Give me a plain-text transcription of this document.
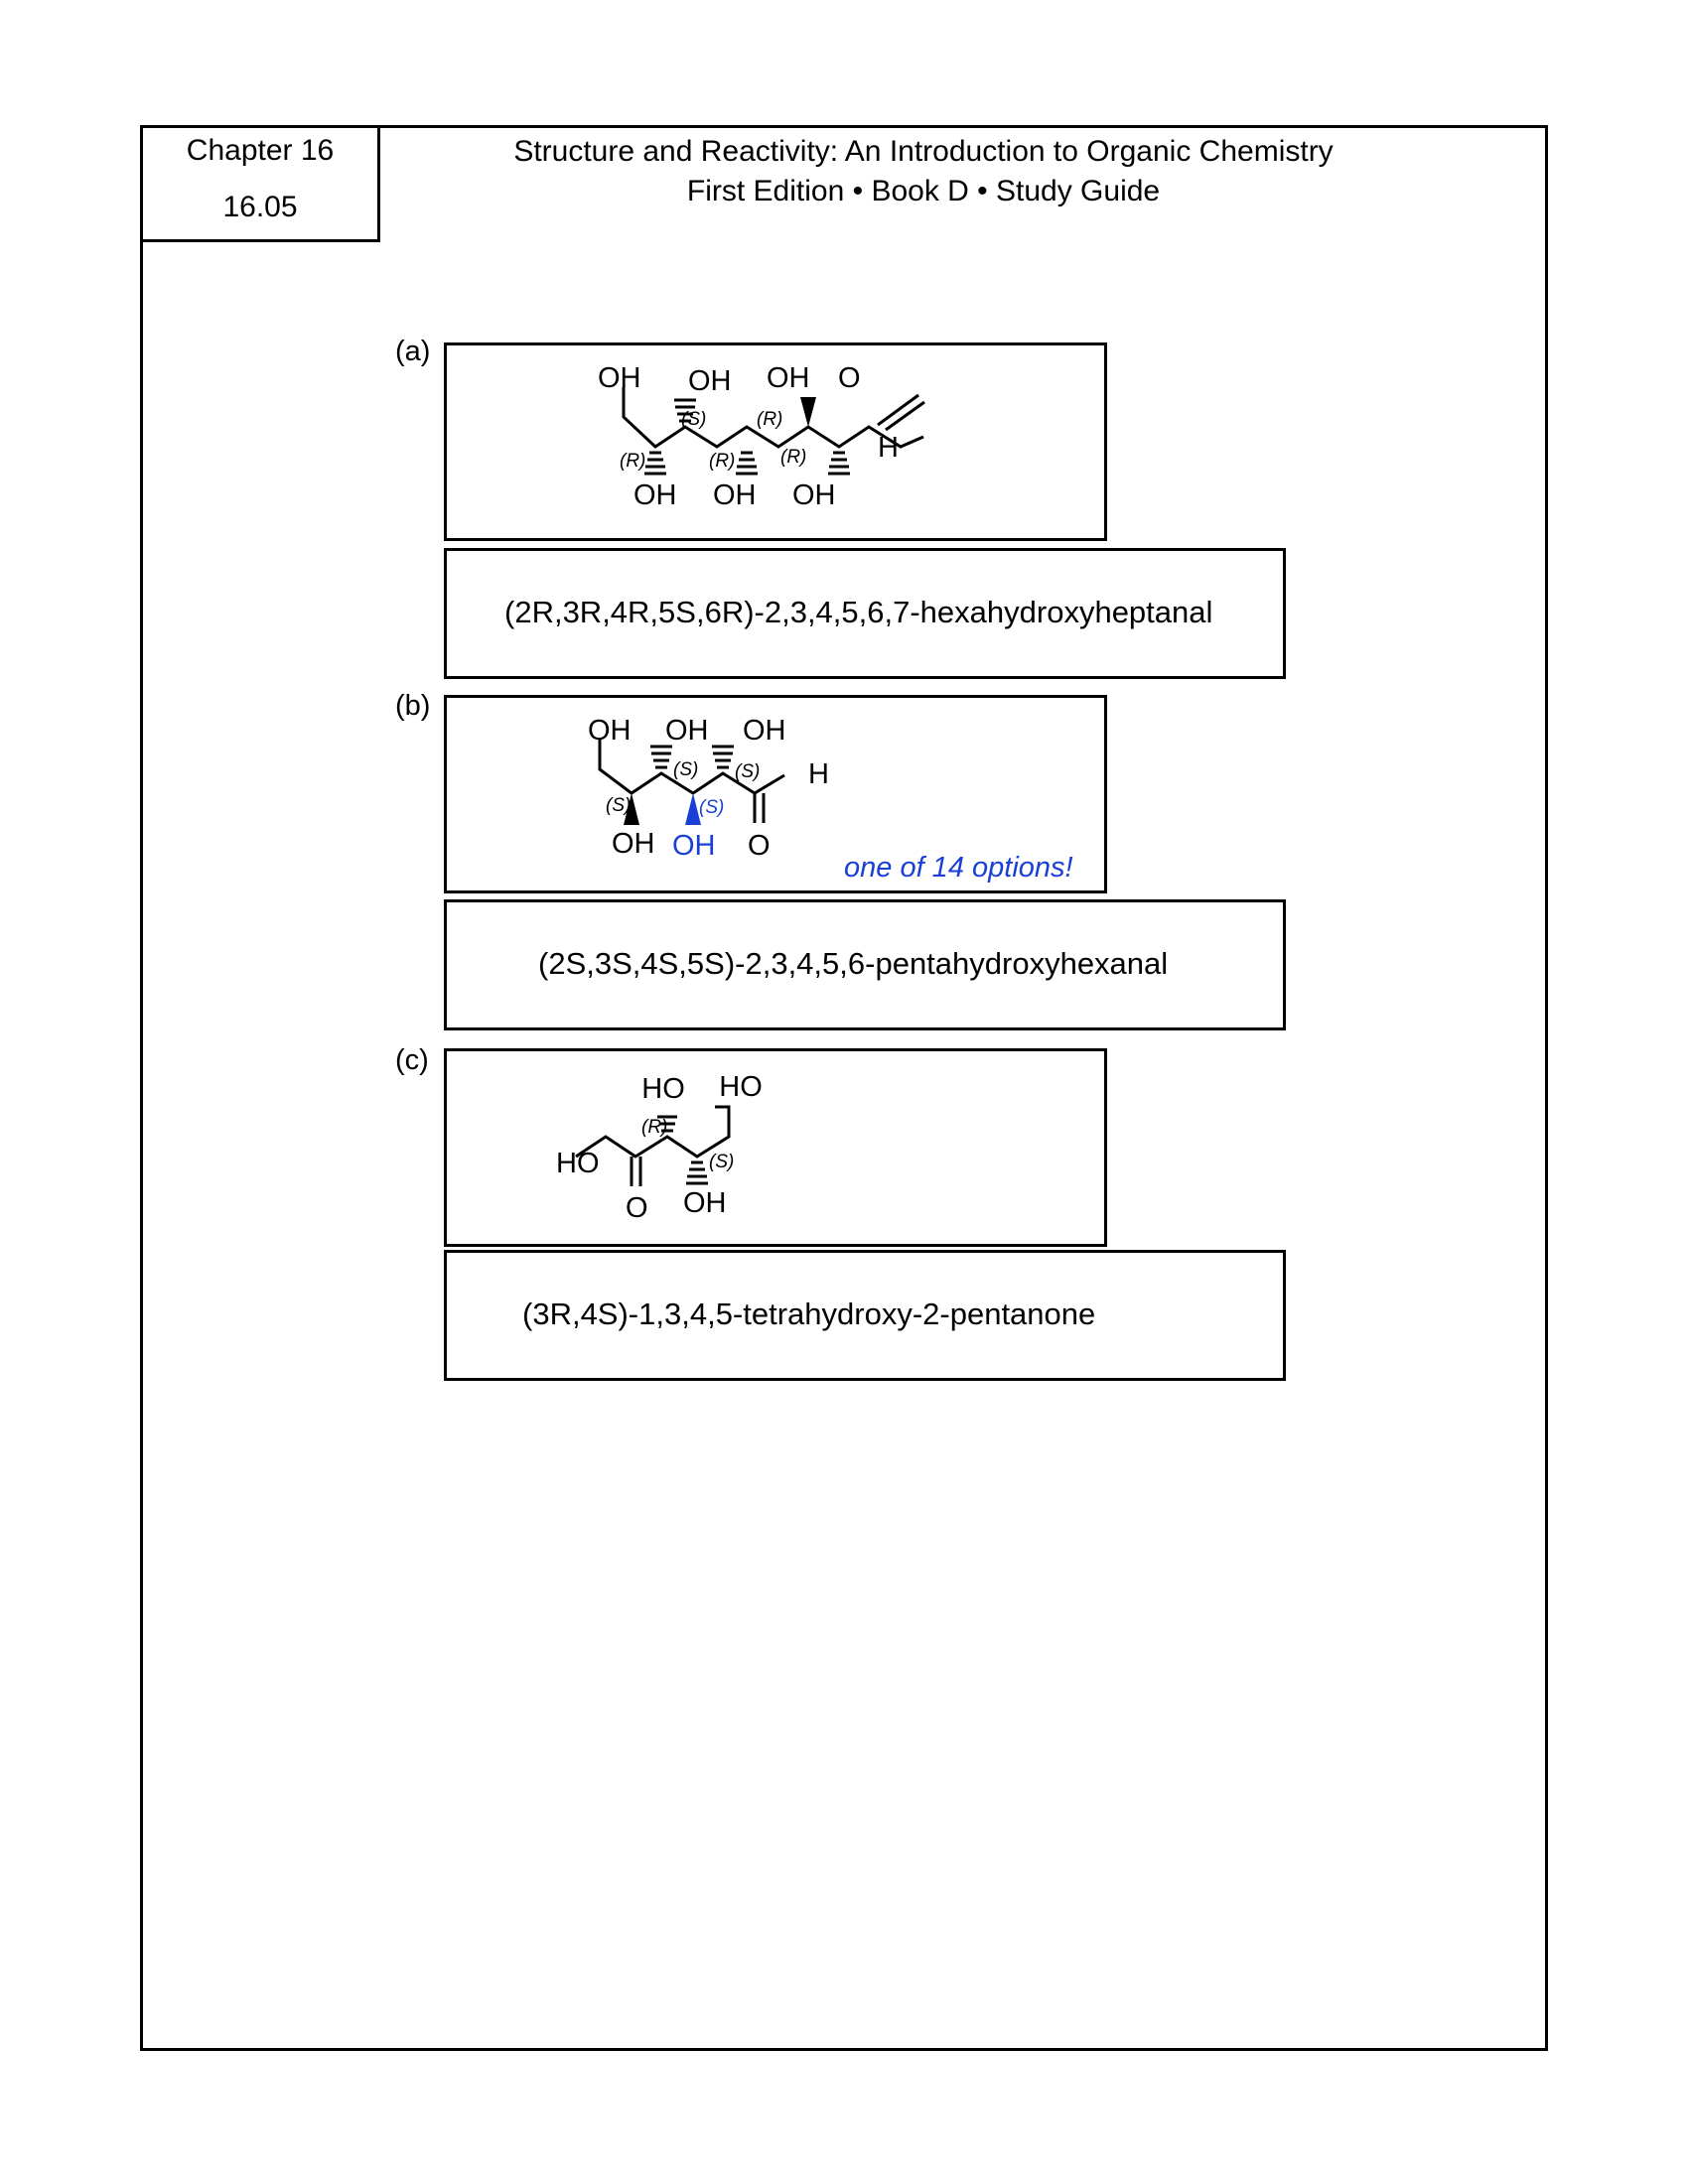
Chapter 16
16.05
Structure and Reactivity: An Introduction to Organic Chemistry
First Edition • Book D • Study Guide
(a)
OH OH OH O
H
OH OH OH
(S)	(R)
(R)	(R) (R)
(2R,3R,4R,5S,6R)-2,3,4,5,6,7-hexahydroxyheptanal
(b)
OH OH OH
H
OH OH O
(S) (S)
(S)	(S)
one of 14 options!
(2S,3S,4S,5S)-2,3,4,5,6-pentahydroxyhexanal
(c)
HO
HO HO
O OH
(R)
(S)
(3R,4S)-1,3,4,5-tetrahydroxy-2-pentanone
